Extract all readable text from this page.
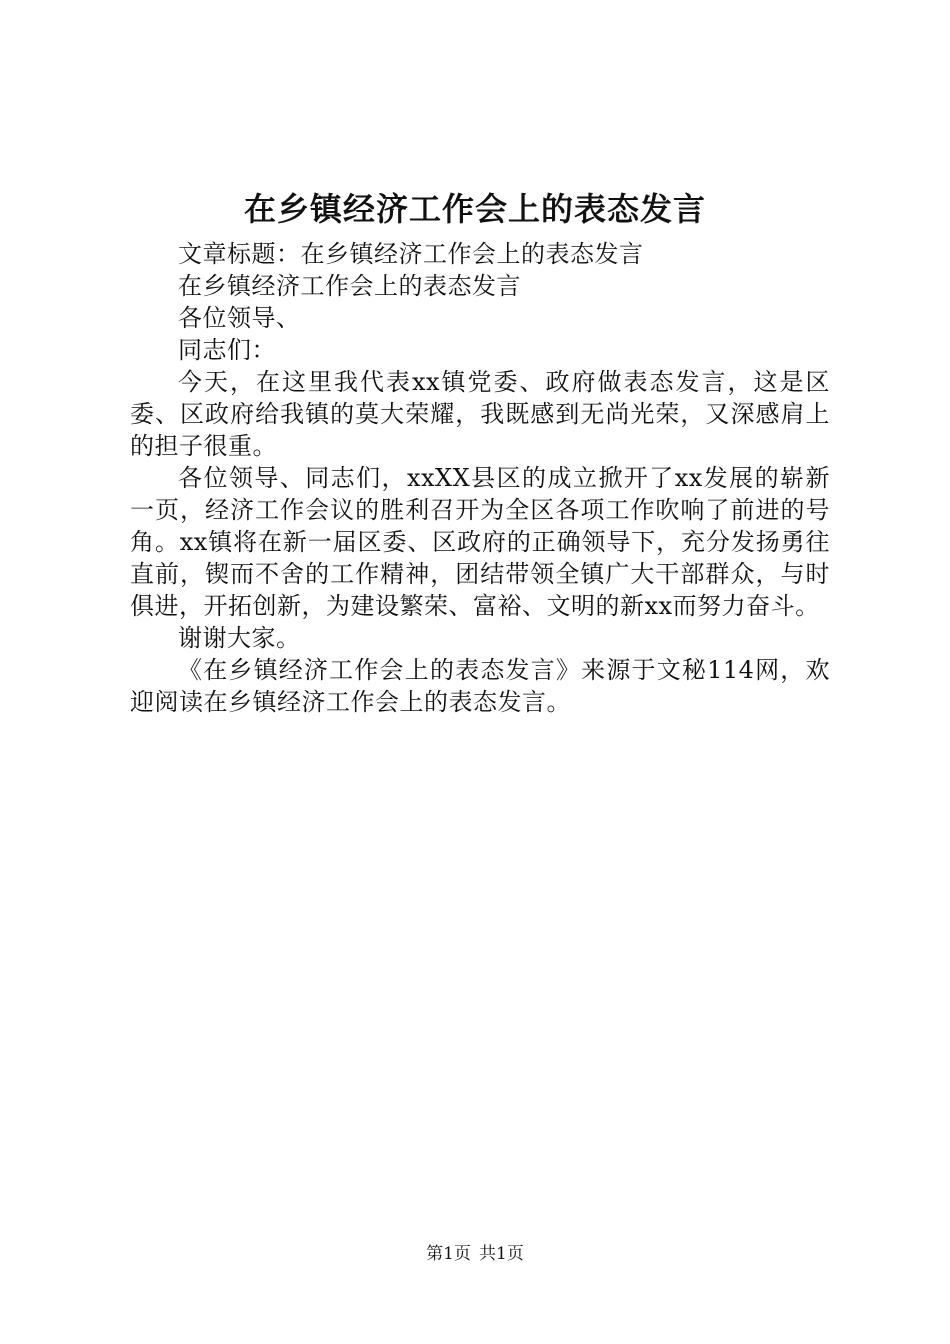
在乡镇经济工作会上的表态发言

文章标题：在乡镇经济工作会上的表态发言

在乡镇经济工作会上的表态发言

各位领导、

同志们：

今天，在这里我代表xx镇党委、政府做表态发言，这是区委、区政府给我镇的莫大荣耀，我既感到无尚光荣，又深感肩上的担子很重。

各位领导、同志们，xxXX县区的成立掀开了xx发展的崭新一页，经济工作会议的胜利召开为全区各项工作吹响了前进的号角。xx镇将在新一届区委、区政府的正确领导下，充分发扬勇往直前，锲而不舍的工作精神，团结带领全镇广大干部群众，与时俱进，开拓创新，为建设繁荣、富裕、文明的新xx而努力奋斗。

谢谢大家。

《在乡镇经济工作会上的表态发言》来源于文秘114网，欢迎阅读在乡镇经济工作会上的表态发言。

第1页 共1页
